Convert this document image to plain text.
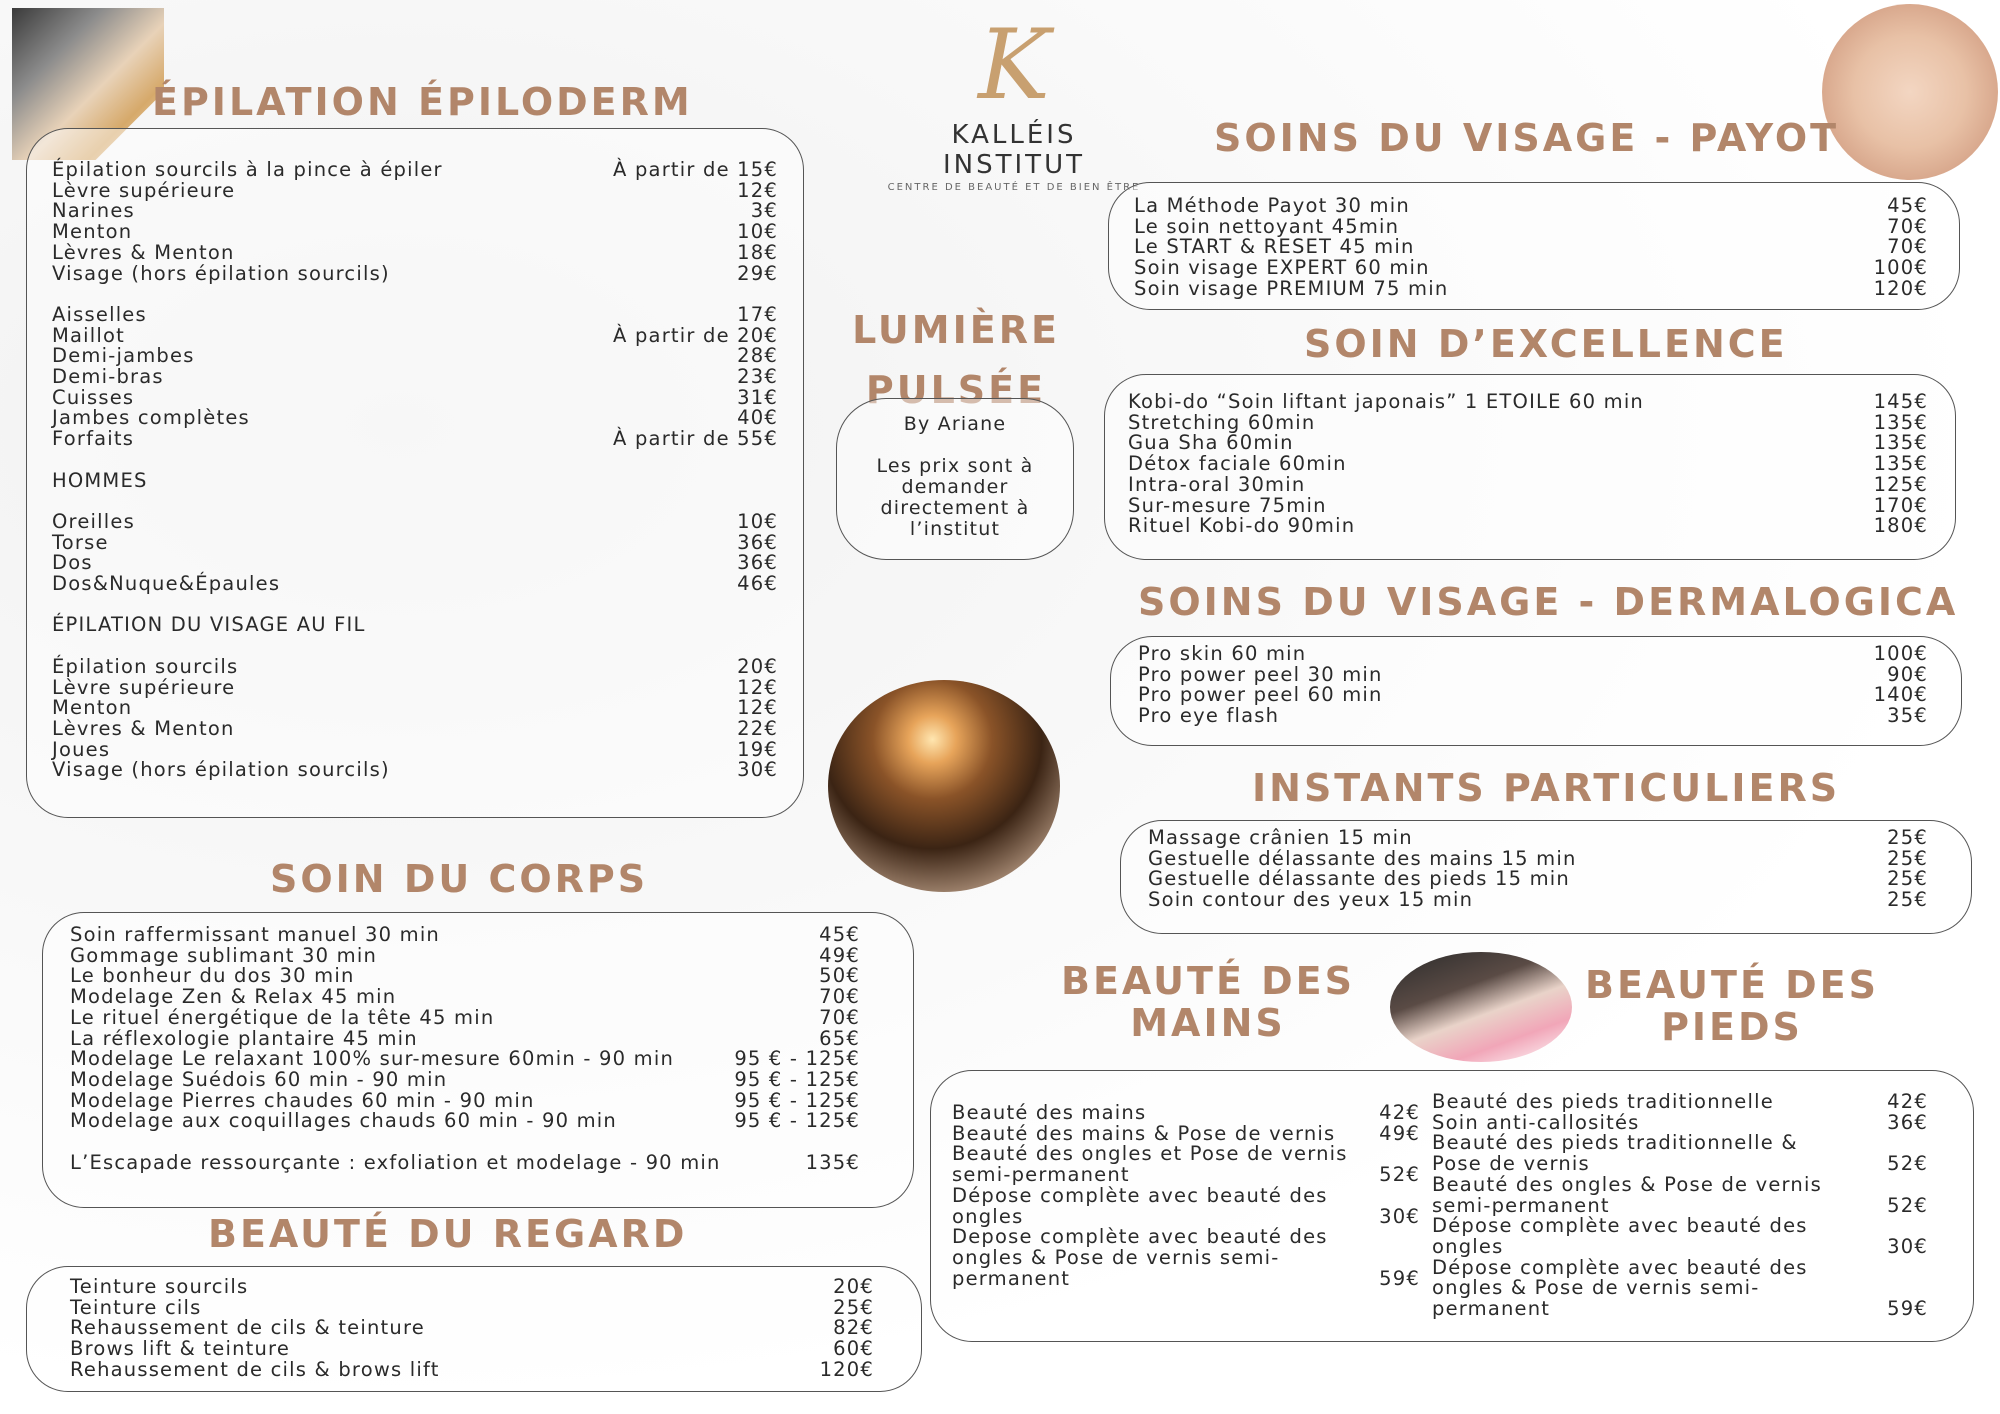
K
KALLÉIS INSTITUT
CENTRE DE BEAUTÉ ET DE BIEN ÊTRE
ÉPILATION ÉPILODERM
Épilation sourcils à la pince à épiler	À partir de 15€
Lèvre supérieure	12€
Narines	3€
Menton	10€
Lèvres & Menton	18€
Visage (hors épilation sourcils)	29€
Aisselles	17€
Maillot	À partir de 20€
Demi-jambes	28€
Demi-bras	23€
Cuisses	31€
Jambes complètes	40€
Forfaits	À partir de 55€
HOMMES
Oreilles	10€
Torse	36€
Dos	36€
Dos&Nuque&Épaules	46€
ÉPILATION DU VISAGE AU FIL
Épilation sourcils	20€
Lèvre supérieure	12€
Menton	12€
Lèvres & Menton	22€
Joues	19€
Visage (hors épilation sourcils)	30€
SOIN DU CORPS
Soin raffermissant manuel 30 min	45€
Gommage sublimant 30 min	49€
Le bonheur du dos 30 min	50€
Modelage Zen & Relax 45 min	70€
Le rituel énergétique de la tête 45 min	70€
La réflexologie plantaire 45 min	65€
Modelage Le relaxant 100% sur-mesure 60min - 90 min	95 € - 125€
Modelage Suédois 60 min - 90 min	95 € - 125€
Modelage Pierres chaudes 60 min - 90 min	95 € - 125€
Modelage aux coquillages chauds 60 min - 90 min	95 € - 125€
L’Escapade ressourçante : exfoliation et modelage - 90 min	135€
BEAUTÉ DU REGARD
Teinture sourcils	20€
Teinture cils	25€
Rehaussement de cils & teinture	82€
Brows lift & teinture	60€
Rehaussement de cils & brows lift	120€
LUMIÈRE
PULSÉE
By Ariane
Les prix sont à demander directement à l’institut
SOINS DU VISAGE - PAYOT
La Méthode Payot 30 min	45€
Le soin nettoyant 45min	70€
Le START & RESET 45 min	70€
Soin visage EXPERT 60 min	100€
Soin visage PREMIUM 75 min	120€
SOIN D’EXCELLENCE
Kobi-do “Soin liftant japonais” 1 ETOILE 60 min	145€
Stretching 60min	135€
Gua Sha 60min	135€
Détox faciale 60min	135€
Intra-oral 30min	125€
Sur-mesure 75min	170€
Rituel Kobi-do 90min	180€
SOINS DU VISAGE - DERMALOGICA
Pro skin 60 min	100€
Pro power peel 30 min	90€
Pro power peel 60 min	140€
Pro eye flash	35€
INSTANTS PARTICULIERS
Massage crânien 15 min	25€
Gestuelle délassante des mains 15 min	25€
Gestuelle délassante des pieds 15 min	25€
Soin contour des yeux 15 min	25€
BEAUTÉ DES
MAINS
BEAUTÉ DES
PIEDS
Beauté des mains	42€
Beauté des mains & Pose de vernis 49€
Beauté des ongles et Pose de vernis
semi-permanent	52€
Dépose complète avec beauté des
ongles	30€
Depose complète avec beauté des
ongles & Pose de vernis semi-
permanent	59€
Beauté des pieds traditionnelle	42€
Soin anti-callosités	36€
Beauté des pieds traditionnelle &
Pose de vernis	52€
Beauté des ongles & Pose de vernis
semi-permanent	52€
Dépose complète avec beauté des
ongles	30€
Dépose complète avec beauté des
ongles & Pose de vernis semi-
permanent	59€
